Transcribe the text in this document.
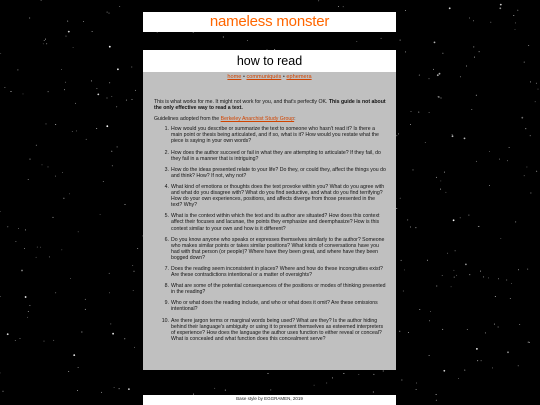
nameless monster
how to read
home • communiqués • ephemera

This is what works for me. It might not work for you, and that's perfectly OK. This guide is not about the only effective way to read a text.

Guidelines adopted from the Berkeley Anarchist Study Group:

1. How would you describe or summarize the text to someone who hasn't read it? Is there a main point or thesis being articulated, and if so, what is it? How would you restate what the piece is saying in your own words?
2. How does the author succeed or fail in what they are attempting to articulate? If they fail, do they fail in a manner that is intriguing?
3. How do the ideas presented relate to your life? Do they, or could they, affect the things you do and think? How? If not, why not?
4. What kind of emotions or thoughts does the text provoke within you? What do you agree with and what do you disagree with? What do you find seductive, and what do you find terrifying? How do your own experiences, positions, and affects diverge from those presented in the text? Why?
5. What is the context within which the text and its author are situated? How does this context affect their focuses and lacunae, the points they emphasize and deemphasize? How is this context similar to your own and how is it different?
6. Do you know anyone who speaks or expresses themselves similarly to the author? Someone who makes similar points or takes similar positions? What kinds of conversations have you had with that person (or people)? Where have they been great, and where have they been bogged down?
7. Does the reading seem inconsistent in places? Where and how do these incongruities exist? Are these contradictions intentional or a matter of oversights?
8. What are some of the potential consequences of the positions or modes of thinking presented in the reading?
9. Who or what does the reading include, and who or what does it omit? Are these omissions intentional?
10. Are there jargon terms or marginal words being used? What are they? Is the author hiding behind their language's ambiguity or using it to present themselves as esteemed interpreters of experience? How does the language the author uses function to either reveal or conceal? What is concealed and what function does this concealment serve?
Base style by EGGRAMEN, 2019
